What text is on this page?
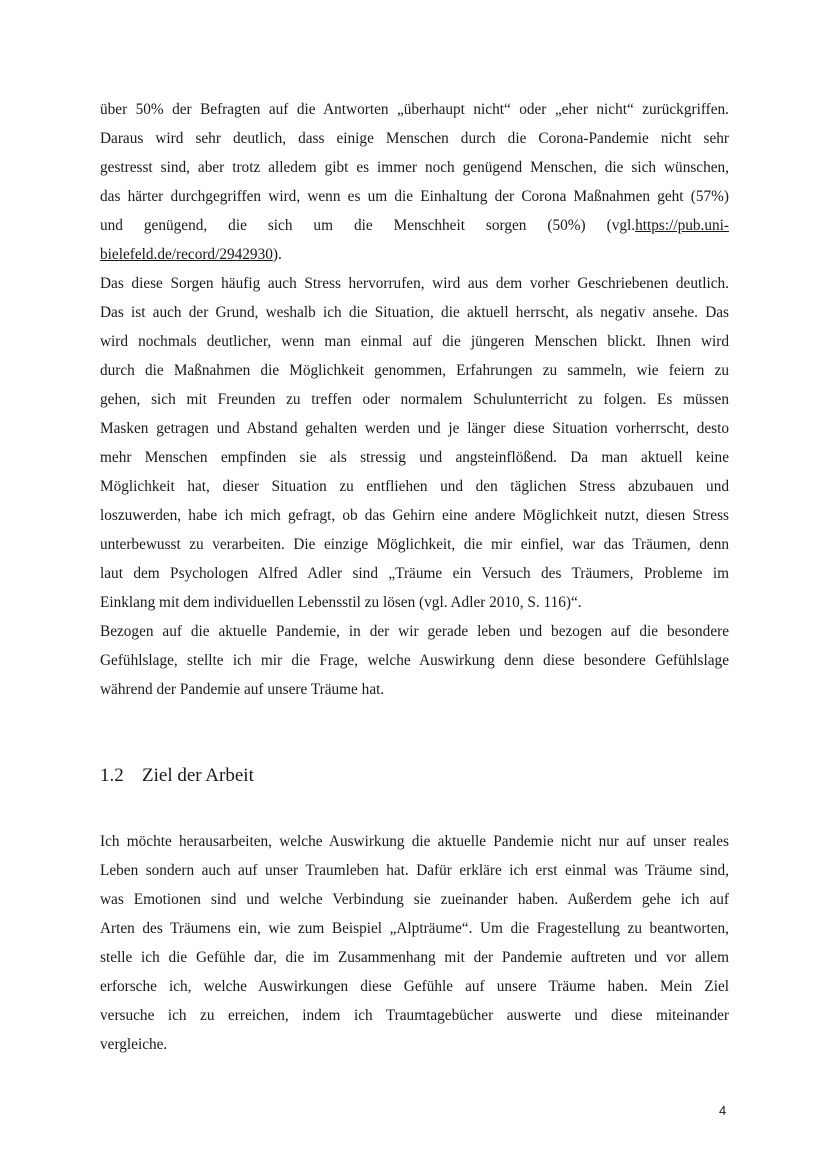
über 50% der Befragten auf die Antworten „überhaupt nicht“ oder „eher nicht“ zurückgriffen.
Daraus wird sehr deutlich, dass einige Menschen durch die Corona-Pandemie nicht sehr
gestresst sind, aber trotz alledem gibt es immer noch genügend Menschen, die sich wünschen,
das härter durchgegriffen wird, wenn es um die Einhaltung der Corona Maßnahmen geht (57%)
und genügend, die sich um die Menschheit sorgen (50%) (vgl.https://pub.uni-
bielefeld.de/record/2942930).
Das diese Sorgen häufig auch Stress hervorrufen, wird aus dem vorher Geschriebenen deutlich.
Das ist auch der Grund, weshalb ich die Situation, die aktuell herrscht, als negativ ansehe. Das
wird nochmals deutlicher, wenn man einmal auf die jüngeren Menschen blickt. Ihnen wird
durch die Maßnahmen die Möglichkeit genommen, Erfahrungen zu sammeln, wie feiern zu
gehen, sich mit Freunden zu treffen oder normalem Schulunterricht zu folgen. Es müssen
Masken getragen und Abstand gehalten werden und je länger diese Situation vorherrscht, desto
mehr Menschen empfinden sie als stressig und angsteinflößend. Da man aktuell keine
Möglichkeit hat, dieser Situation zu entfliehen und den täglichen Stress abzubauen und
loszuwerden, habe ich mich gefragt, ob das Gehirn eine andere Möglichkeit nutzt, diesen Stress
unterbewusst zu verarbeiten. Die einzige Möglichkeit, die mir einfiel, war das Träumen, denn
laut dem Psychologen Alfred Adler sind „Träume ein Versuch des Träumers, Probleme im
Einklang mit dem individuellen Lebensstil zu lösen (vgl. Adler 2010, S. 116)“.
Bezogen auf die aktuelle Pandemie, in der wir gerade leben und bezogen auf die besondere
Gefühlslage, stellte ich mir die Frage, welche Auswirkung denn diese besondere Gefühlslage
während der Pandemie auf unsere Träume hat.
1.2 Ziel der Arbeit
Ich möchte herausarbeiten, welche Auswirkung die aktuelle Pandemie nicht nur auf unser reales
Leben sondern auch auf unser Traumleben hat. Dafür erkläre ich erst einmal was Träume sind,
was Emotionen sind und welche Verbindung sie zueinander haben. Außerdem gehe ich auf
Arten des Träumens ein, wie zum Beispiel „Alpträume“. Um die Fragestellung zu beantworten,
stelle ich die Gefühle dar, die im Zusammenhang mit der Pandemie auftreten und vor allem
erforsche ich, welche Auswirkungen diese Gefühle auf unsere Träume haben. Mein Ziel
versuche ich zu erreichen, indem ich Traumtagebücher auswerte und diese miteinander
vergleiche.
4
